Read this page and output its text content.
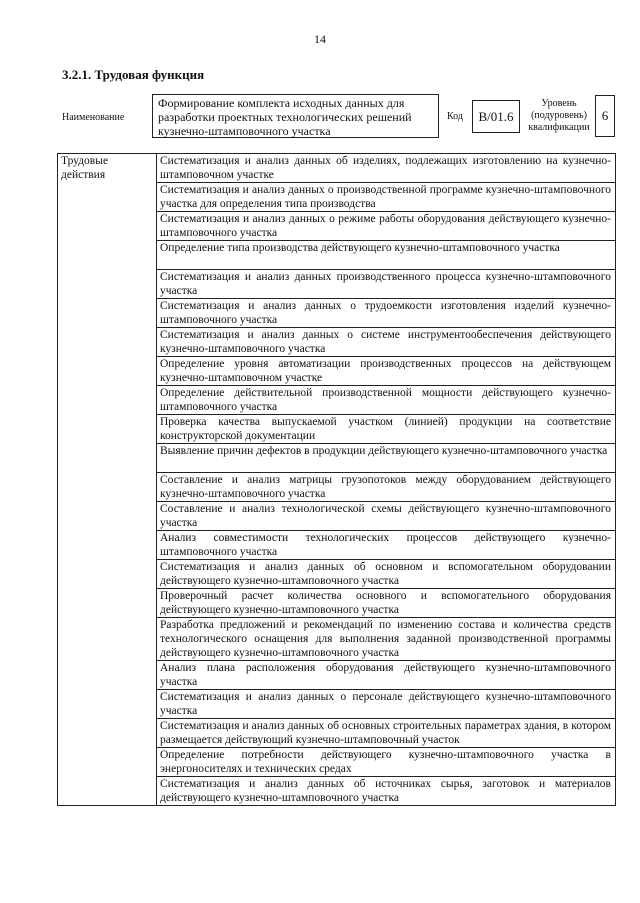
14
3.2.1. Трудовая функция
Наименование
Формирование комплекта исходных данных для разработки проектных технологических решений кузнечно-штамповочного участка
Код	B/01.6
Уровень (подуровень) квалификации
6
Трудовые действия	Систематизация и анализ данных об изделиях, подлежащих изготовлению на кузнечно-штамповочном участке
Систематизация и анализ данных о производственной программе кузнечно-штамповочного участка для определения типа производства
Систематизация и анализ данных о режиме работы оборудования действующего кузнечно-штамповочного участка
Определение типа производства действующего кузнечно-штамповочного участка
Систематизация и анализ данных производственного процесса кузнечно-штамповочного участка
Систематизация и анализ данных о трудоемкости изготовления изделий кузнечно-штамповочного участка
Систематизация и анализ данных о системе инструментообеспечения действующего кузнечно-штамповочного участка
Определение уровня автоматизации производственных процессов на действующем кузнечно-штамповочном участке
Определение действительной производственной мощности действующего кузнечно-штамповочного участка
Проверка качества выпускаемой участком (линией) продукции на соответствие конструкторской документации
Выявление причин дефектов в продукции действующего кузнечно-штамповочного участка
Составление и анализ матрицы грузопотоков между оборудованием действующего кузнечно-штамповочного участка
Составление и анализ технологической схемы действующего кузнечно-штамповочного участка
Анализ совместимости технологических процессов действующего кузнечно-штамповочного участка
Систематизация и анализ данных об основном и вспомогательном оборудовании действующего кузнечно-штамповочного участка
Проверочный расчет количества основного и вспомогательного оборудования действующего кузнечно-штамповочного участка
Разработка предложений и рекомендаций по изменению состава и количества средств технологического оснащения для выполнения заданной производственной программы действующего кузнечно-штамповочного участка
Анализ плана расположения оборудования действующего кузнечно-штамповочного участка
Систематизация и анализ данных о персонале действующего кузнечно-штамповочного участка
Систематизация и анализ данных об основных строительных параметрах здания, в котором размещается действующий кузнечно-штамповочный участок
Определение потребности действующего кузнечно-штамповочного участка в энергоносителях и технических средах
Систематизация и анализ данных об источниках сырья, заготовок и материалов действующего кузнечно-штамповочного участка
